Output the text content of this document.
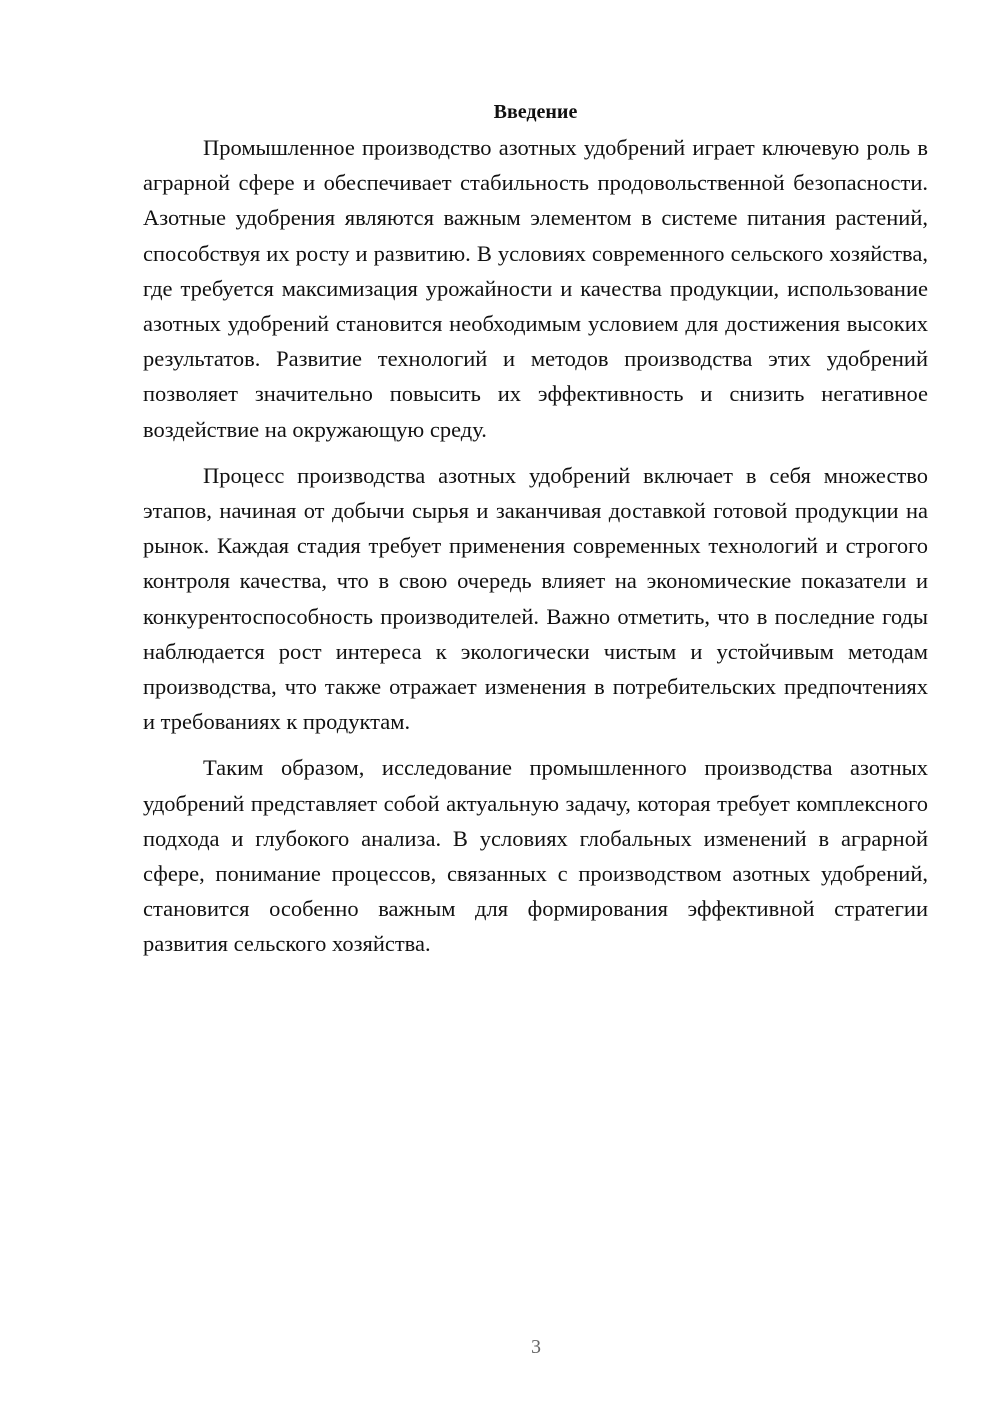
Введение

Промышленное производство азотных удобрений играет ключевую роль в аграрной сфере и обеспечивает стабильность продовольственной безопасности. Азотные удобрения являются важным элементом в системе питания растений, способствуя их росту и развитию. В условиях современного сельского хозяйства, где требуется максимизация урожайности и качества продукции, использование азотных удобрений становится необходимым условием для достижения высоких результатов. Развитие технологий и методов производства этих удобрений позволяет значительно повысить их эффективность и снизить негативное воздействие на окружающую среду.

Процесс производства азотных удобрений включает в себя множество этапов, начиная от добычи сырья и заканчивая доставкой готовой продукции на рынок. Каждая стадия требует применения современных технологий и строгого контроля качества, что в свою очередь влияет на экономические показатели и конкурентоспособность производителей. Важно отметить, что в последние годы наблюдается рост интереса к экологически чистым и устойчивым методам производства, что также отражает изменения в потребительских предпочтениях и требованиях к продуктам.

Таким образом, исследование промышленного производства азотных удобрений представляет собой актуальную задачу, которая требует комплексного подхода и глубокого анализа. В условиях глобальных изменений в аграрной сфере, понимание процессов, связанных с производством азотных удобрений, становится особенно важным для формирования эффективной стратегии развития сельского хозяйства.

3
